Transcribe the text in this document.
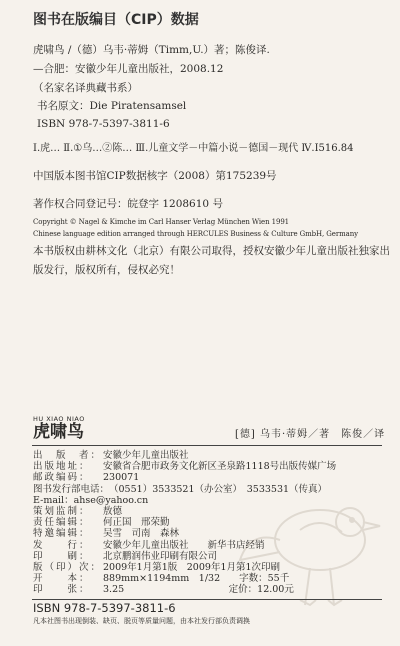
图书在版编目（CIP）数据
虎啸鸟 /（德）乌韦·蒂姆（Timm,U.）著；陈俊译.
—合肥：安徽少年儿童出版社，2008.12
（名家名译典藏书系）
书名原文：Die Piratensamsel
ISBN 978-7-5397-3811-6
Ⅰ.虎… Ⅱ.①乌…②陈… Ⅲ.儿童文学－中篇小说－德国－现代 Ⅳ.I516.84
中国版本图书馆CIP数据核字（2008）第175239号
著作权合同登记号：皖登字 1208610 号
Copyright © Nagel & Kimche im Carl Hanser Verlag München Wien 1991
Chinese language edition arranged through HERCULES Business & Culture GmbH, Germany
本书版权由耕林文化（北京）有限公司取得，授权安徽少年儿童出版社独家出
版发行，版权所有，侵权必究！
HU XIAO NIAO
虎啸鸟	[德] 乌韦·蒂姆／著　陈俊／译
出　版　者：安徽少年儿童出版社
出版地址： 安徽省合肥市政务文化新区圣泉路1118号出版传媒广场
邮政编码： 230071
图书发行部电话：（0551）3533521（办公室）　3533531（传真）
E-mail：ahse@yahoo.cn
策划监制： 敖德
责任编辑： 何正国　邢荣勤
特邀编辑： 吴雪　司南　森林
发　　行： 安徽少年儿童出版社　　新华书店经销
印　　刷： 北京鹏润伟业印刷有限公司
版（印）次：2009年1月第1版　2009年1月第1次印刷
开　　本： 889mm×1194mm　1/32　　字数：55千
印　　张： 3.25　　　　　　　　　　　定价：12.00元
ISBN 978-7-5397-3811-6
凡本社图书出现倒装、缺页、脱页等质量问题，由本社发行部负责调换
